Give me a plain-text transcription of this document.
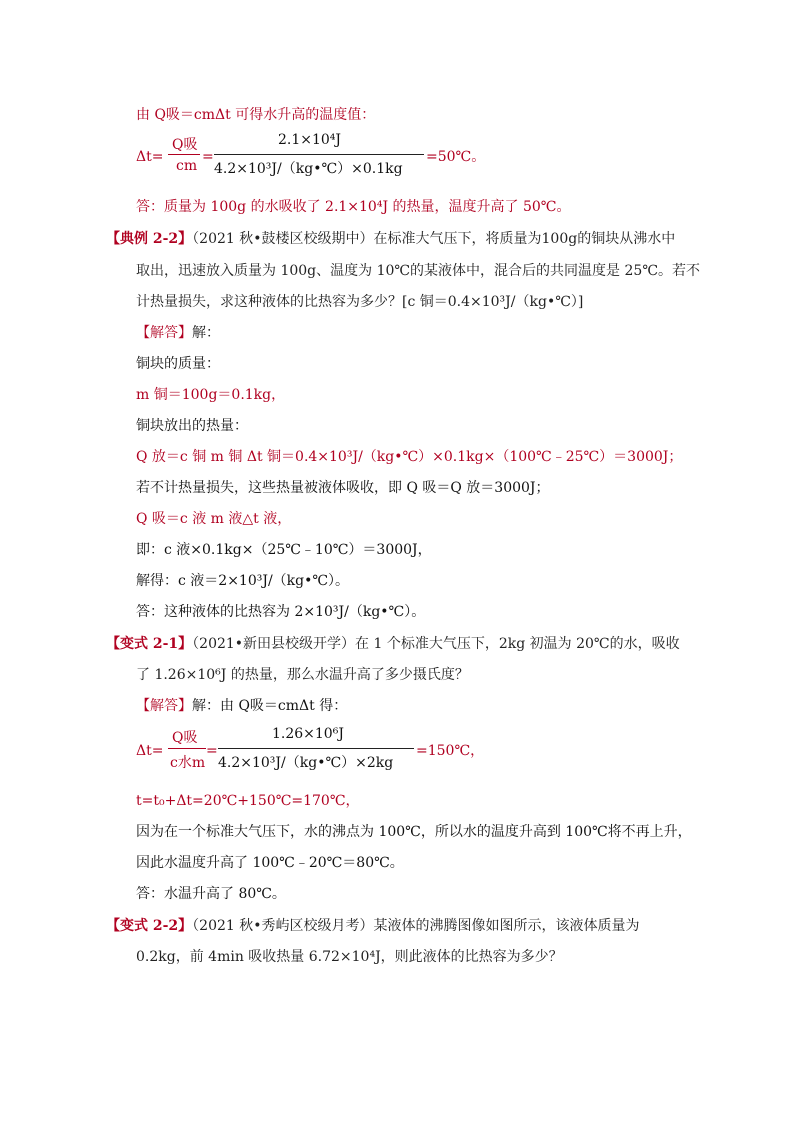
由 Q吸＝cmΔt 可得水升高的温度值：
Δt=
Q吸
cm
=
2.1×10⁴J
4.2×10³J/（kg•℃）×0.1kg
=50℃。
答：质量为 100g 的水吸收了 2.1×10⁴J 的热量，温度升高了 50℃。
【典例 2-2】（2021 秋•鼓楼区校级期中）在标准大气压下，将质量为100g的铜块从沸水中
取出，迅速放入质量为 100g、温度为 10℃的某液体中，混合后的共同温度是 25℃。若不
计热量损失，求这种液体的比热容为多少？[c 铜＝0.4×10³J/（kg•℃）]
【解答】解：
铜块的质量：
m 铜＝100g＝0.1kg，
铜块放出的热量：
Q 放＝c 铜 m 铜 Δt 铜＝0.4×10³J/（kg•℃）×0.1kg×（100℃﹣25℃）＝3000J；
若不计热量损失，这些热量被液体吸收，即 Q 吸＝Q 放＝3000J；
Q 吸＝c 液 m 液△t 液，
即：c 液×0.1kg×（25℃﹣10℃）＝3000J，
解得：c 液＝2×10³J/（kg•℃）。
答：这种液体的比热容为 2×10³J/（kg•℃）。
【变式 2-1】（2021•新田县校级开学）在 1 个标准大气压下，2kg 初温为 20℃的水，吸收
了 1.26×10⁶J 的热量，那么水温升高了多少摄氏度？
【解答】解：由 Q吸＝cmΔt 得：
Δt=
Q吸
c水m
=
1.26×10⁶J
4.2×10³J/（kg•℃）×2kg
=150℃，
t=t₀+Δt=20℃+150℃=170℃，
因为在一个标准大气压下，水的沸点为 100℃，所以水的温度升高到 100℃将不再上升，
因此水温度升高了 100℃﹣20℃＝80℃。
答：水温升高了 80℃。
【变式 2-2】（2021 秋•秀屿区校级月考）某液体的沸腾图像如图所示，该液体质量为
0.2kg，前 4min 吸收热量 6.72×10⁴J，则此液体的比热容为多少？
